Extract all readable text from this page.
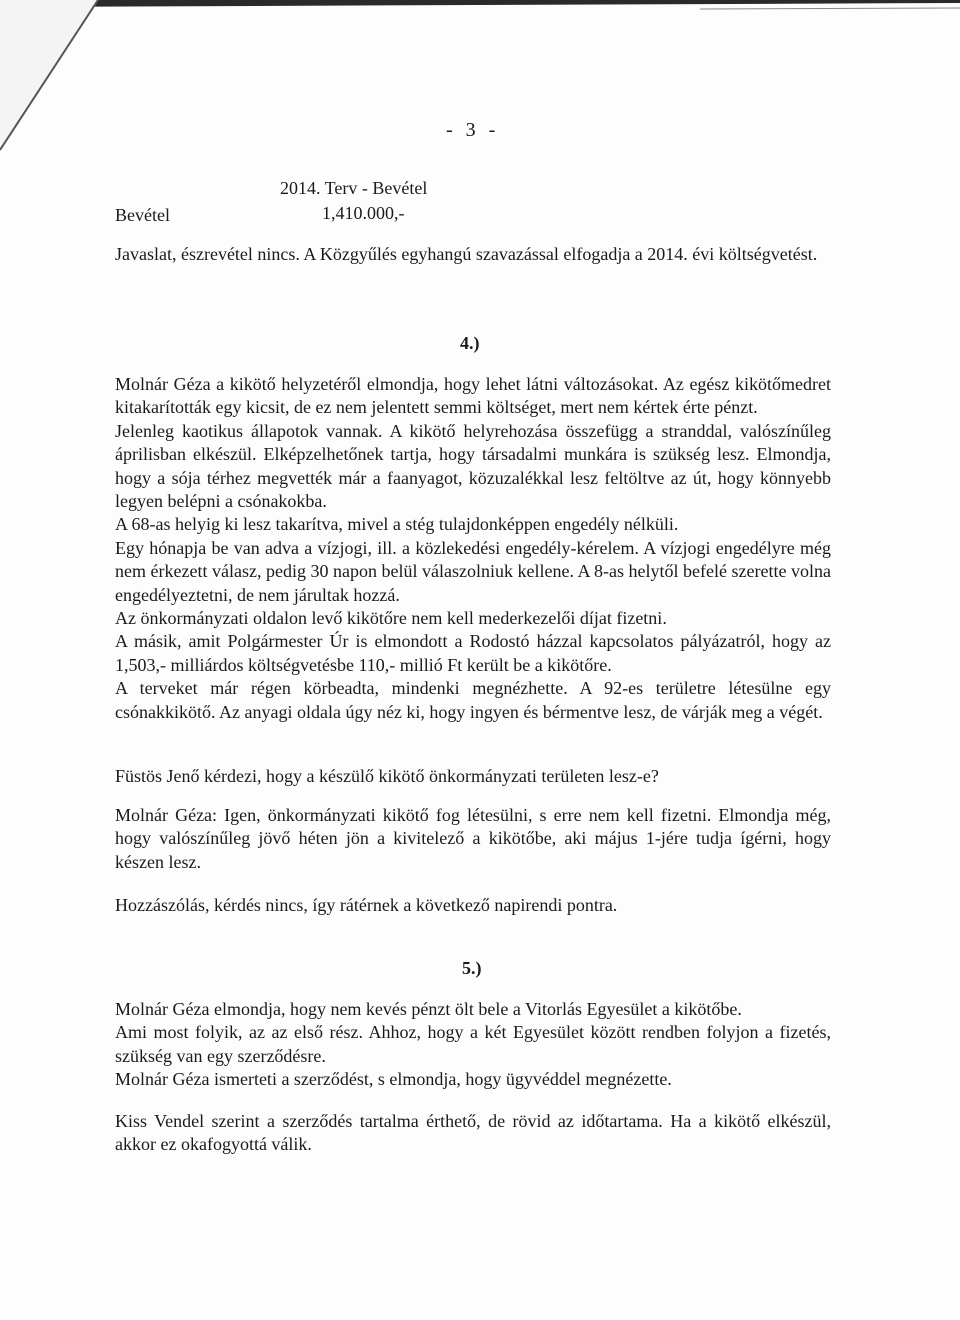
- 3 -
2014. Terv - Bevétel
Bevétel	1,410.000,-
Javaslat, észrevétel nincs. A Közgyűlés egyhangú szavazással elfogadja a 2014. évi költségvetést.
4.)
Molnár Géza a kikötő helyzetéről elmondja, hogy lehet látni változásokat. Az egész kikötőmedret kitakarították egy kicsit, de ez nem jelentett semmi költséget, mert nem kértek érte pénzt.
Jelenleg kaotikus állapotok vannak. A kikötő helyrehozása összefügg a stranddal, valószínűleg áprilisban elkészül. Elképzelhetőnek tartja, hogy társadalmi munkára is szükség lesz. Elmondja, hogy a sója térhez megvették már a faanyagot, közuzalékkal lesz feltöltve az út, hogy könnyebb legyen belépni a csónakokba.
A 68-as helyig ki lesz takarítva, mivel a stég tulajdonképpen engedély nélküli.
Egy hónapja be van adva a vízjogi, ill. a közlekedési engedély-kérelem. A vízjogi engedélyre még nem érkezett válasz, pedig 30 napon belül válaszolniuk kellene. A 8-as helytől befelé szerette volna engedélyeztetni, de nem járultak hozzá.
Az önkormányzati oldalon levő kikötőre nem kell mederkezelői díjat fizetni.
A másik, amit Polgármester Úr is elmondott a Rodostó házzal kapcsolatos pályázatról, hogy az 1,503,- milliárdos költségvetésbe 110,- millió Ft került be a kikötőre.
A terveket már régen körbeadta, mindenki megnézhette. A 92-es területre létesülne egy csónakkikötő. Az anyagi oldala úgy néz ki, hogy ingyen és bérmentve lesz, de várják meg a végét.
Füstös Jenő kérdezi, hogy a készülő kikötő önkormányzati területen lesz-e?
Molnár Géza: Igen, önkormányzati kikötő fog létesülni, s erre nem kell fizetni. Elmondja még, hogy valószínűleg jövő héten jön a kivitelező a kikötőbe, aki május 1-jére tudja ígérni, hogy készen lesz.
Hozzászólás, kérdés nincs, így rátérnek a következő napirendi pontra.
5.)
Molnár Géza elmondja, hogy nem kevés pénzt ölt bele a Vitorlás Egyesület a kikötőbe.
Ami most folyik, az az első rész. Ahhoz, hogy a két Egyesület között rendben folyjon a fizetés, szükség van egy szerződésre.
Molnár Géza ismerteti a szerződést, s elmondja, hogy ügyvéddel megnézette.
Kiss Vendel szerint a szerződés tartalma érthető, de rövid az időtartama. Ha a kikötő elkészül, akkor ez okafogyottá válik.
